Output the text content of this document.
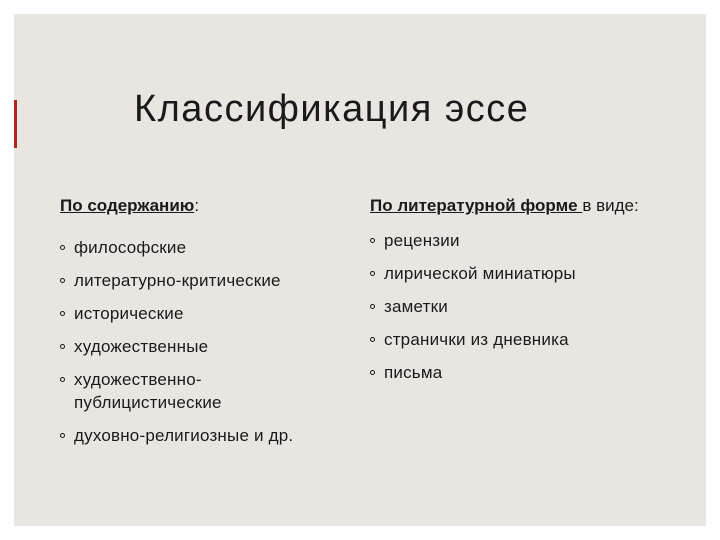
Классификация эссе

По содержанию:

философские
литературно-критические
исторические
художественные
художественно-публицистические
духовно-религиозные и др.

По литературной форме в виде:

рецензии
лирической миниатюры
заметки
странички из дневника
письма
